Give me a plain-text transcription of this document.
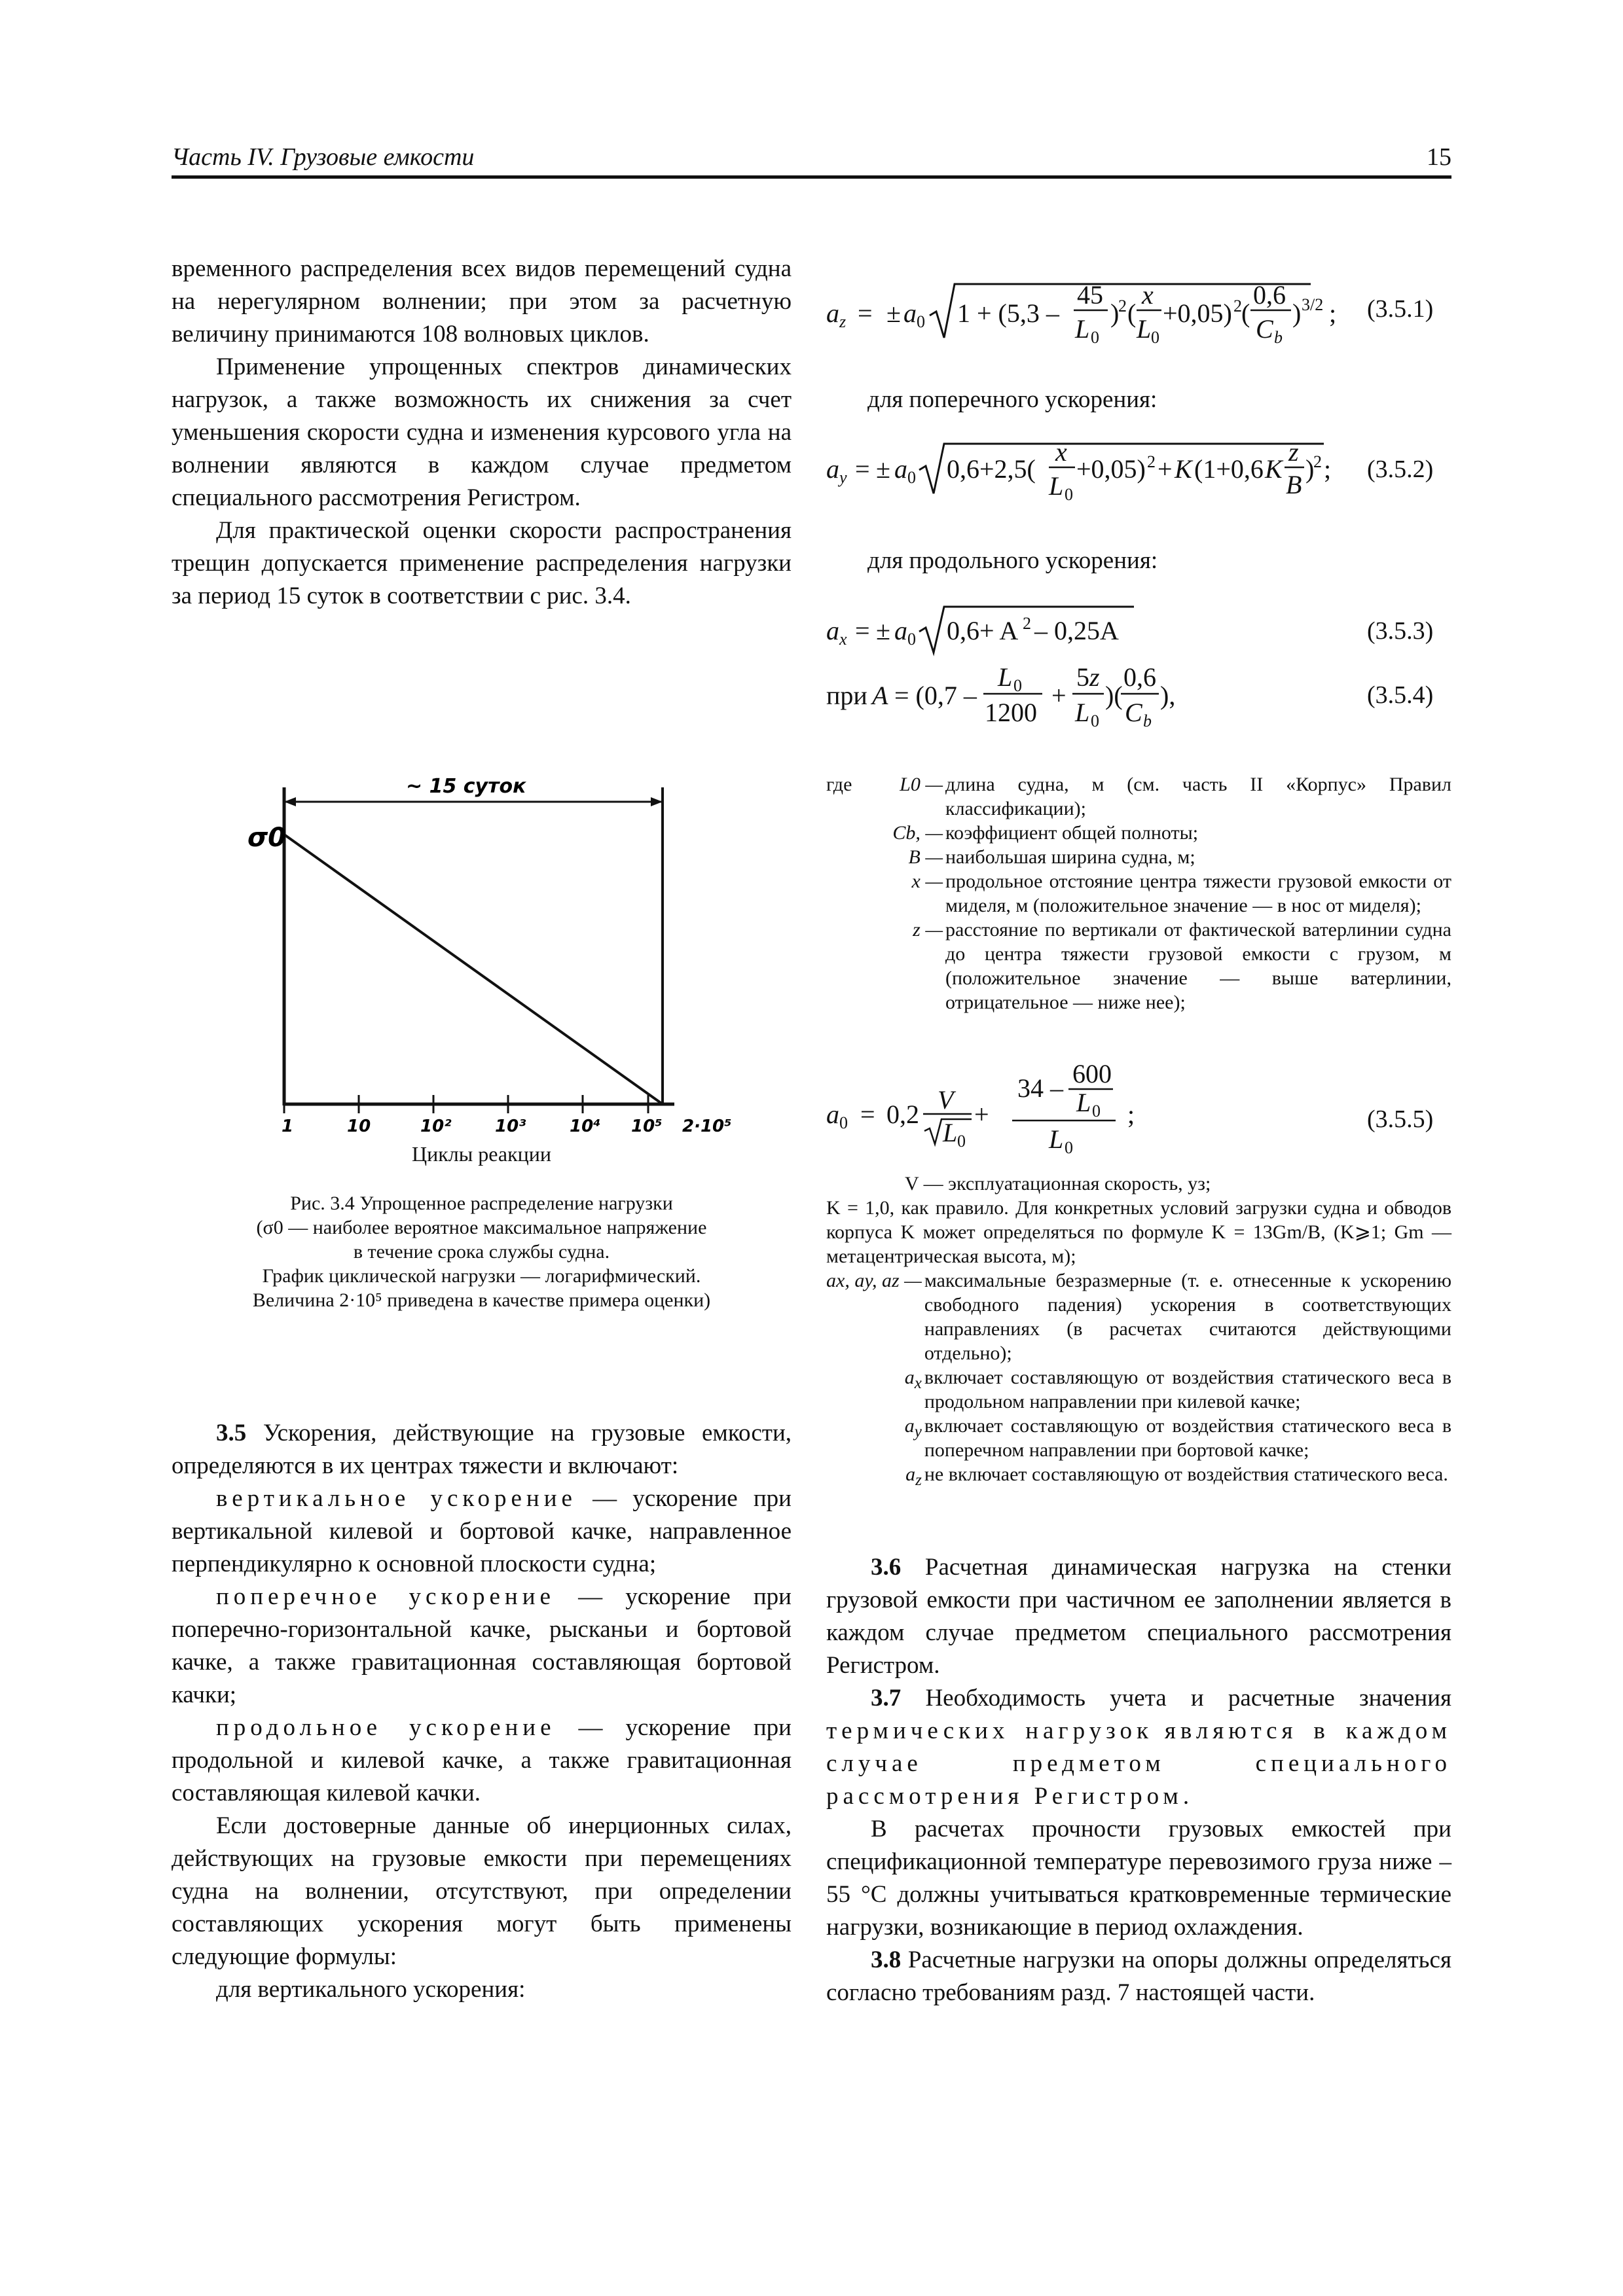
Часть IV. Грузовые емкости	15

временного распределения всех видов перемещений судна на нерегулярном волнении; при этом за расчетную величину принимаются 108 волновых циклов.

Применение упрощенных спектров динамических нагрузок, а также возможность их снижения за счет уменьшения скорости судна и изменения курсового угла на волнении являются в каждом случае предметом специального рассмотрения Регистром.

Для практической оценки скорости распространения трещин допускается применение распределения нагрузки за период 15 суток в соответствии с рис. 3.4.

~ 15 суток
σ0
1	10	10²	10³	10⁴ 10⁵ 2·10⁵
Циклы реакции
Рис. 3.4 Упрощенное распределение нагрузки
(σ0 — наиболее вероятное максимальное напряжение
в течение срока службы судна.
График циклической нагрузки — логарифмический.
Величина 2·10⁵ приведена в качестве примера оценки)

3.5 Ускорения, действующие на грузовые емкости, определяются в их центрах тяжести и включают:

вертикальное ускорение — ускорение при вертикальной килевой и бортовой качке, направленное перпендикулярно к основной плоскости судна;

поперечное ускорение — ускорение при поперечно-горизонтальной качке, рысканьи и бортовой качке, а также гравитационная составляющая бортовой качки;

продольное ускорение — ускорение при продольной и килевой качке, а также гравитационная составляющая килевой качки.

Если достоверные данные об инерционных силах, действующих на грузовые емкости при перемещениях судна на волнении, отсутствуют, при определении составляющих ускорения могут быть применены следующие формулы:

для вертикального ускорения:

$a_z$ = ± a 0 1 + (5,3 –
45
L 0
)
2 (
x
L 0
+0,05) 2 (
0,6
C b
) 3/2 ; (3.5.1)
для поперечного ускорения:
$a_y$ = ± a 0 0,6+2,5(
x
L 0
+0,05) 2 + K (1+0,6 K
z
B
)
2 ; (3.5.2)
для продольного ускорения:
$a_x$ = ± a 0 0,6+ A 2 – 0,25A	(3.5.3)
при A = (0,7 –
L 0
1200
+
5z
L 0
)(
0,6
C b
),	(3.5.4)
где L0 —	длина судна, м (см. часть II «Корпус» Правил классификации);
Cb, —	коэффициент общей полноты;
B —	наибольшая ширина судна, м;
x —	продольное отстояние центра тяжести грузовой емкости от миделя, м (положительное значение — в нос от миделя);
z —	расстояние по вертикали от фактической ватерлинии судна до центра тяжести грузовой емкости с грузом, м (положительное значение — выше ватерлинии, отрицательное — ниже нее);
a 0 = 0,2 V
L 0
+
34 – 600
L 0
L 0
;	(3.5.5)
V — эксплуатационная скорость, уз;
K = 1,0, как правило. Для конкретных условий загрузки судна и обводов корпуса K может определяться по формуле K = 13Gm/B, (K⩾1; Gm — метацентрическая высота, м);
ax, ay, az —	максимальные безразмерные (т. е. отнесенные к ускорению свободного падения) ускорения в соответствующих направлениях (в расчетах считаются действующими отдельно);
$a_x$	включает составляющую от воздействия статического веса в продольном направлении при килевой качке;
$a_y$	включает составляющую от воздействия статического веса в поперечном направлении при бортовой качке;
$a_z$	не включает составляющую от воздействия статического веса.

3.6 Расчетная динамическая нагрузка на стенки грузовой емкости при частичном ее заполнении является в каждом случае предметом специального рассмотрения Регистром.

3.7 Необходимость учета и расчетные значения термических нагрузок являются в каждом случае предметом специального рассмотрения Регистром.

В расчетах прочности грузовых емкостей при спецификационной температуре перевозимого груза ниже –55 °C должны учитываться кратковременные термические нагрузки, возникающие в период охлаждения.

3.8 Расчетные нагрузки на опоры должны определяться согласно требованиям разд. 7 настоящей части.
